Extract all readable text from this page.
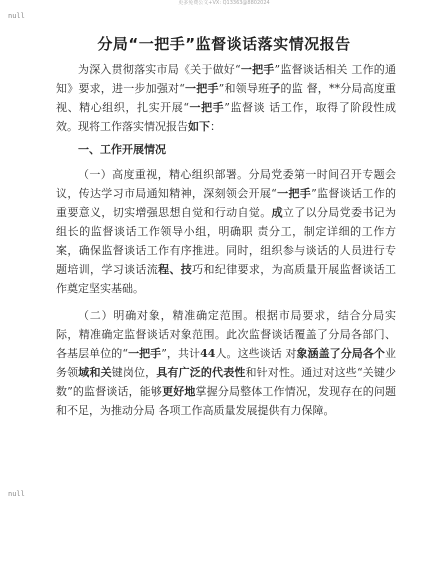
更多免费公文+VX: Q13363@8802024
null
分局“一把手”监督谈话落实情况报告

为深入贯彻落实市局《关于做好“一把手”监督谈话相关 工作的通知》要求，进一步加强对“一把手”和领导班子的监 督，**分局高度重视、精心组织，扎实开展“一把手”监督谈 话工作，取得了阶段性成效。现将工作落实情况报告如下：

一、工作开展情况

（一）高度重视，精心组织部署。分局党委第一时间召开专题会议，传达学习市局通知精神，深刻领会开展“一把手”监督谈话工作的重要意义，切实增强思想自觉和行动自觉。成立了以分局党委书记为组长的监督谈话工作领导小组，明确职 责分工，制定详细的工作方案，确保监督谈话工作有序推进。同时，组织参与谈话的人员进行专题培训，学习谈话流程、技巧和纪律要求，为高质量开展监督谈话工作奠定坚实基础。

（二）明确对象，精准确定范围。根据市局要求，结合分局实际，精准确定监督谈话对象范围。此次监督谈话覆盖了分局各部门、各基层单位的“一把手”，共计44人。这些谈话 对象涵盖了分局各个业务领域和关键岗位，具有广泛的代表性和针对性。通过对这些“关键少数”的监督谈话，能够更好地掌握分局整体工作情况，发现存在的问题和不足，为推动分局 各项工作高质量发展提供有力保障。

null
